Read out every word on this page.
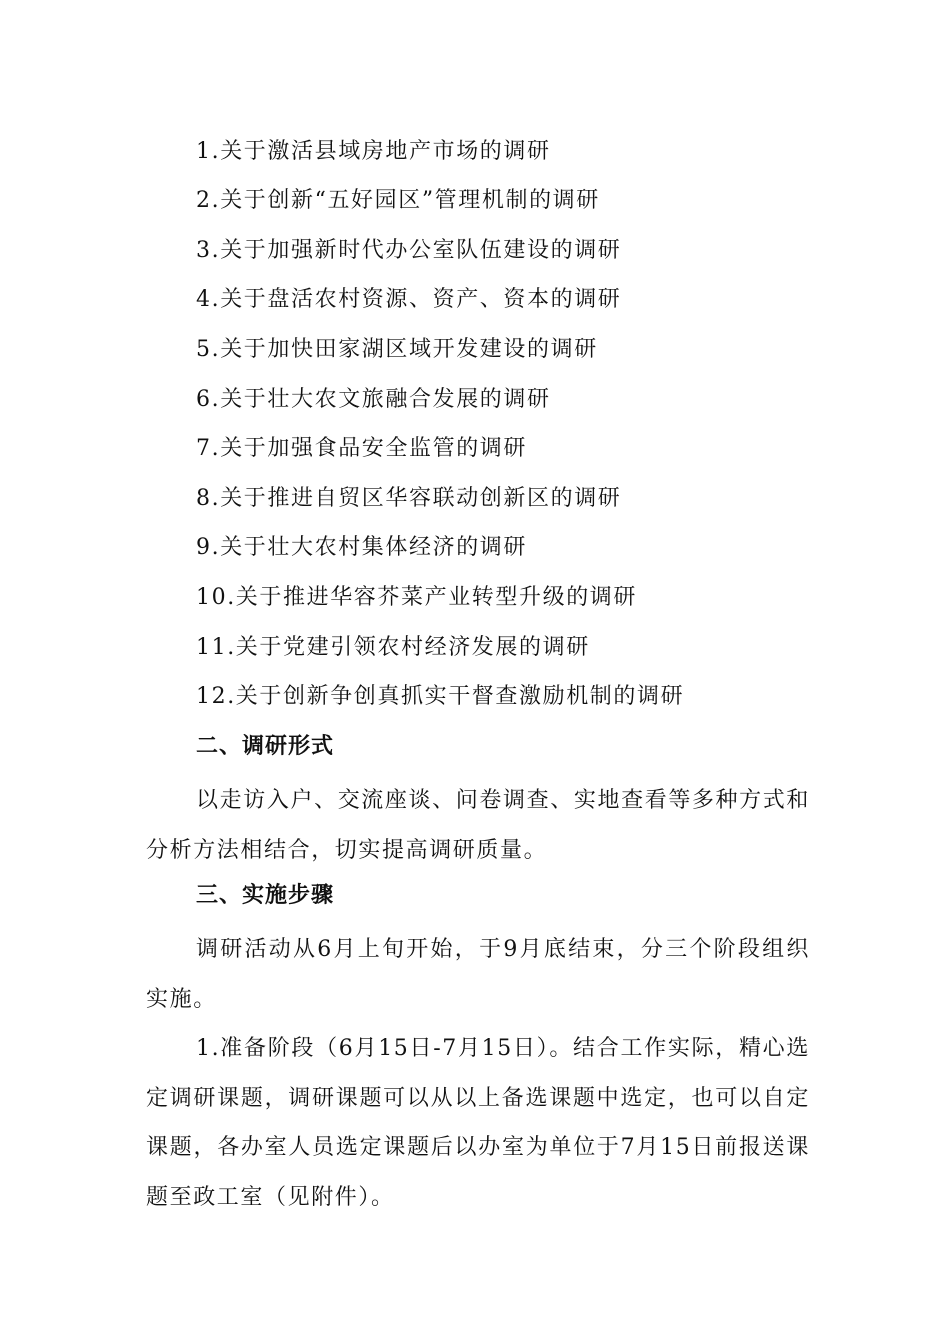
1.关于激活县域房地产市场的调研
2.关于创新“五好园区”管理机制的调研
3.关于加强新时代办公室队伍建设的调研
4.关于盘活农村资源、资产、资本的调研
5.关于加快田家湖区域开发建设的调研
6.关于壮大农文旅融合发展的调研
7.关于加强食品安全监管的调研
8.关于推进自贸区华容联动创新区的调研
9.关于壮大农村集体经济的调研
10.关于推进华容芥菜产业转型升级的调研
11.关于党建引领农村经济发展的调研
12.关于创新争创真抓实干督查激励机制的调研
二、调研形式

以走访入户、交流座谈、问卷调查、实地查看等多种方式和分析方法相结合，切实提高调研质量。

三、实施步骤

调研活动从6月上旬开始，于9月底结束，分三个阶段组织实施。

1.准备阶段（6月15日-7月15日）。结合工作实际，精心选定调研课题，调研课题可以从以上备选课题中选定，也可以自定课题，各办室人员选定课题后以办室为单位于7月15日前报送课题至政工室（见附件）。
